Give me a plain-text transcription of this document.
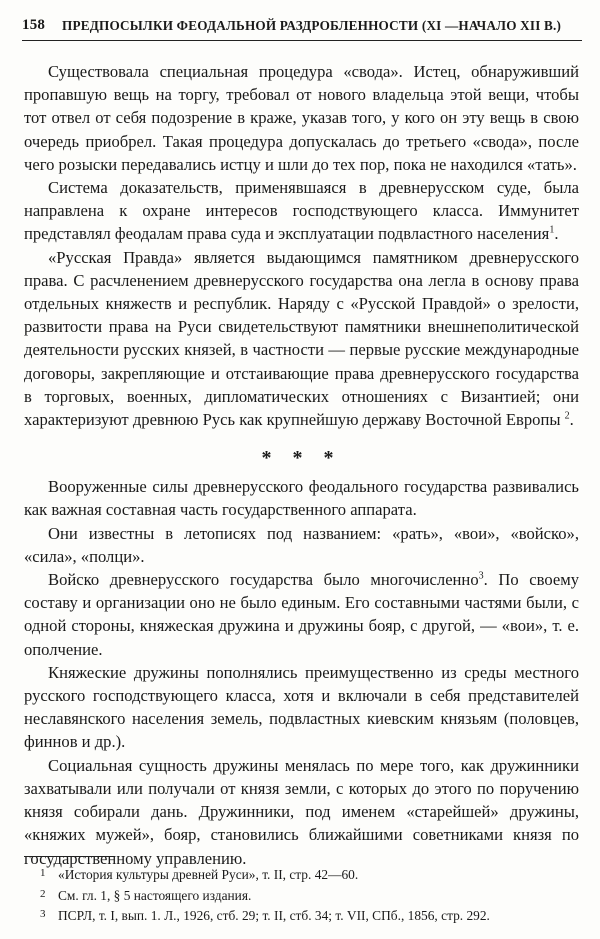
158 ПРЕДПОСЫЛКИ ФЕОДАЛЬНОЙ РАЗДРОБЛЕННОСТИ (XI —НАЧАЛО XII В.)

Существовала специальная процедура «свода». Истец, обнаруживший пропавшую вещь на торгу, требовал от нового владельца этой вещи, чтобы тот отвел от себя подозрение в краже, указав того, у кого он эту вещь в свою очередь приобрел. Такая процедура допускалась до третьего «свода», после чего розыски передавались истцу и шли до тех пор, пока не находился «тать».

Система доказательств, применявшаяся в древнерусском суде, была направлена к охране интересов господствующего класса. Иммунитет представлял феодалам права суда и эксплуатации подвластного населения$^1$.

«Русская Правда» является выдающимся памятником древнерусского права. С расчленением древнерусского государства она легла в основу права отдельных княжеств и республик. Наряду с «Русской Правдой» о зрелости, развитости права на Руси свидетельствуют памятники внешнеполитической деятельности русских князей, в частности — первые русские международные договоры, закрепляющие и отстаивающие права древнерусского государства в торговых, военных, дипломатических отношениях с Византией; они характеризуют древнюю Русь как крупнейшую державу Восточной Европы $^2$.

* * *

Вооруженные силы древнерусского феодального государства развивались как важная составная часть государственного аппарата.

Они известны в летописях под названием: «рать», «вои», «войско», «сила», «полци».

Войско древнерусского государства было многочисленно$^3$. По своему составу и организации оно не было единым. Его составными частями были, с одной стороны, княжеская дружина и дружины бояр, с другой, — «вои», т. е. ополчение.

Княжеские дружины пополнялись преимущественно из среды местного русского господствующего класса, хотя и включали в себя представителей неславянского населения земель, подвластных киевским князьям (половцев, финнов и др.).

Социальная сущность дружины менялась по мере того, как дружинники захватывали или получали от князя земли, с которых до этого по поручению князя собирали дань. Дружинники, под именем «старейшей» дружины, «княжих мужей», бояр, становились ближайшими советниками князя по государственному управлению.

1 «История культуры древней Руси», т. II, стр. 42—60.
2 См. гл. 1, § 5 настоящего издания.
3 ПСРЛ, т. I, вып. 1. Л., 1926, стб. 29; т. II, стб. 34; т. VII, СПб., 1856, стр. 292.
